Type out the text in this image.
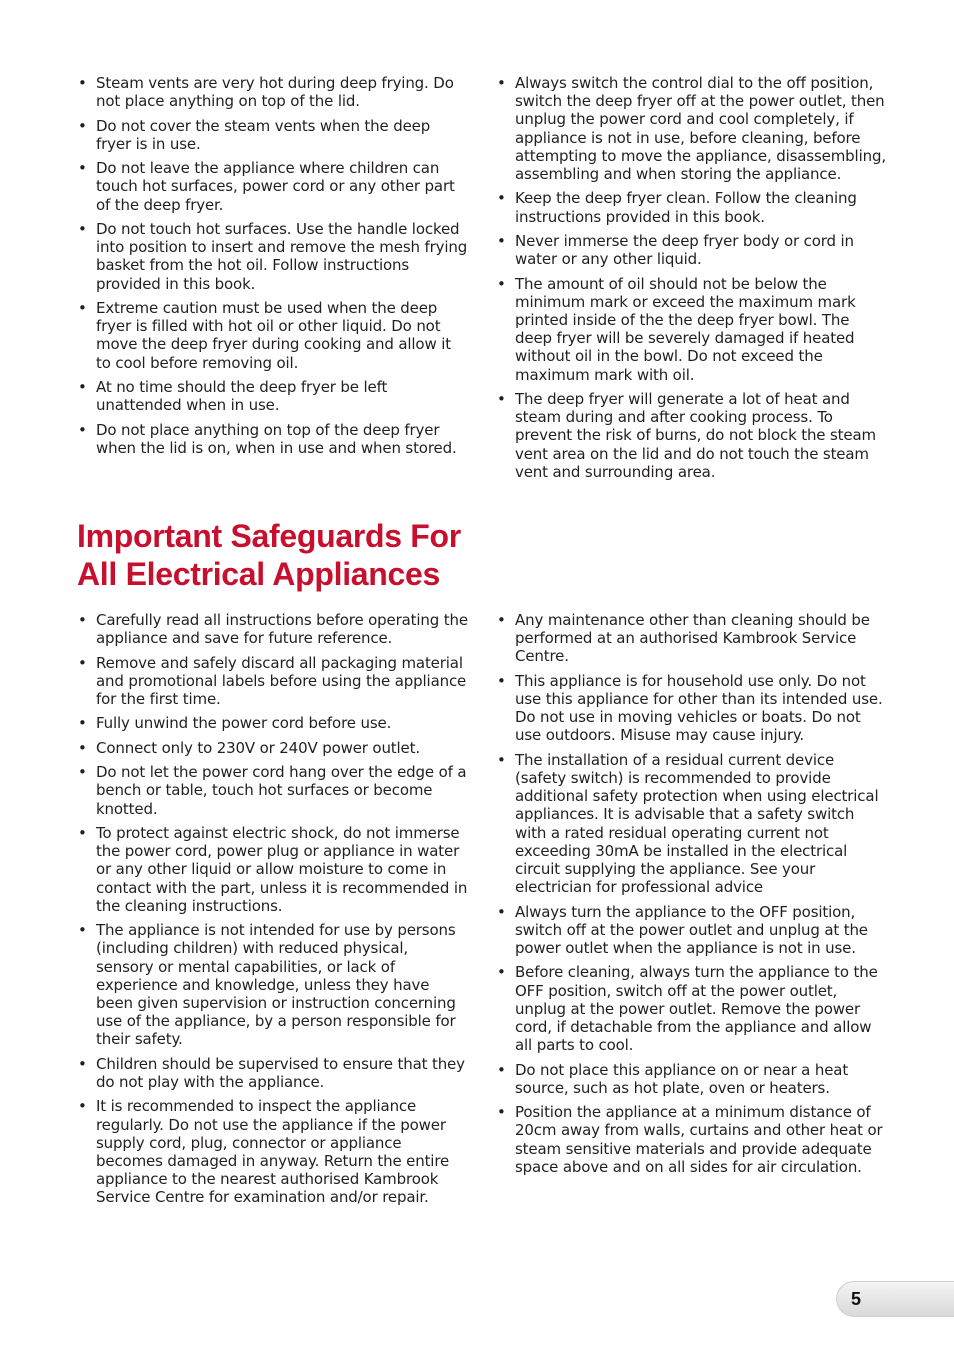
• Steam vents are very hot during deep frying. Do not place anything on top of the lid.
• Do not cover the steam vents when the deep fryer is in use.
• Do not leave the appliance where children can touch hot surfaces, power cord or any other part of the deep fryer.
• Do not touch hot surfaces. Use the handle locked into position to insert and remove the mesh frying basket from the hot oil. Follow instructions provided in this book.
• Extreme caution must be used when the deep fryer is filled with hot oil or other liquid. Do not move the deep fryer during cooking and allow it to cool before removing oil.
• At no time should the deep fryer be left unattended when in use.
• Do not place anything on top of the deep fryer when the lid is on, when in use and when stored.
• Always switch the control dial to the off position, switch the deep fryer off at the power outlet, then unplug the power cord and cool completely, if appliance is not in use, before cleaning, before attempting to move the appliance, disassembling, assembling and when storing the appliance.
• Keep the deep fryer clean. Follow the cleaning instructions provided in this book.
• Never immerse the deep fryer body or cord in water or any other liquid.
• The amount of oil should not be below the minimum mark or exceed the maximum mark printed inside of the the deep fryer bowl. The deep fryer will be severely damaged if heated without oil in the bowl. Do not exceed the maximum mark with oil.
• The deep fryer will generate a lot of heat and steam during and after cooking process. To prevent the risk of burns, do not block the steam vent area on the lid and do not touch the steam vent and surrounding area.
Important Safeguards For
All Electrical Appliances
• Carefully read all instructions before operating the appliance and save for future reference.
• Remove and safely discard all packaging material and promotional labels before using the appliance for the first time.
• Fully unwind the power cord before use.
• Connect only to 230V or 240V power outlet.
• Do not let the power cord hang over the edge of a bench or table, touch hot surfaces or become knotted.
• To protect against electric shock, do not immerse the power cord, power plug or appliance in water or any other liquid or allow moisture to come in contact with the part, unless it is recommended in the cleaning instructions.
• The appliance is not intended for use by persons (including children) with reduced physical, sensory or mental capabilities, or lack of experience and knowledge, unless they have been given supervision or instruction concerning use of the appliance, by a person responsible for their safety.
• Children should be supervised to ensure that they do not play with the appliance.
• It is recommended to inspect the appliance regularly. Do not use the appliance if the power supply cord, plug, connector or appliance becomes damaged in anyway. Return the entire appliance to the nearest authorised Kambrook Service Centre for examination and/or repair.
• Any maintenance other than cleaning should be performed at an authorised Kambrook Service Centre.
• This appliance is for household use only. Do not use this appliance for other than its intended use. Do not use in moving vehicles or boats. Do not use outdoors. Misuse may cause injury.
• The installation of a residual current device (safety switch) is recommended to provide additional safety protection when using electrical appliances. It is advisable that a safety switch with a rated residual operating current not exceeding 30mA be installed in the electrical circuit supplying the appliance. See your electrician for professional advice
• Always turn the appliance to the OFF position, switch off at the power outlet and unplug at the power outlet when the appliance is not in use.
• Before cleaning, always turn the appliance to the OFF position, switch off at the power outlet, unplug at the power outlet. Remove the power cord, if detachable from the appliance and allow all parts to cool.
• Do not place this appliance on or near a heat source, such as hot plate, oven or heaters.
• Position the appliance at a minimum distance of 20cm away from walls, curtains and other heat or steam sensitive materials and provide adequate space above and on all sides for air circulation.
5
